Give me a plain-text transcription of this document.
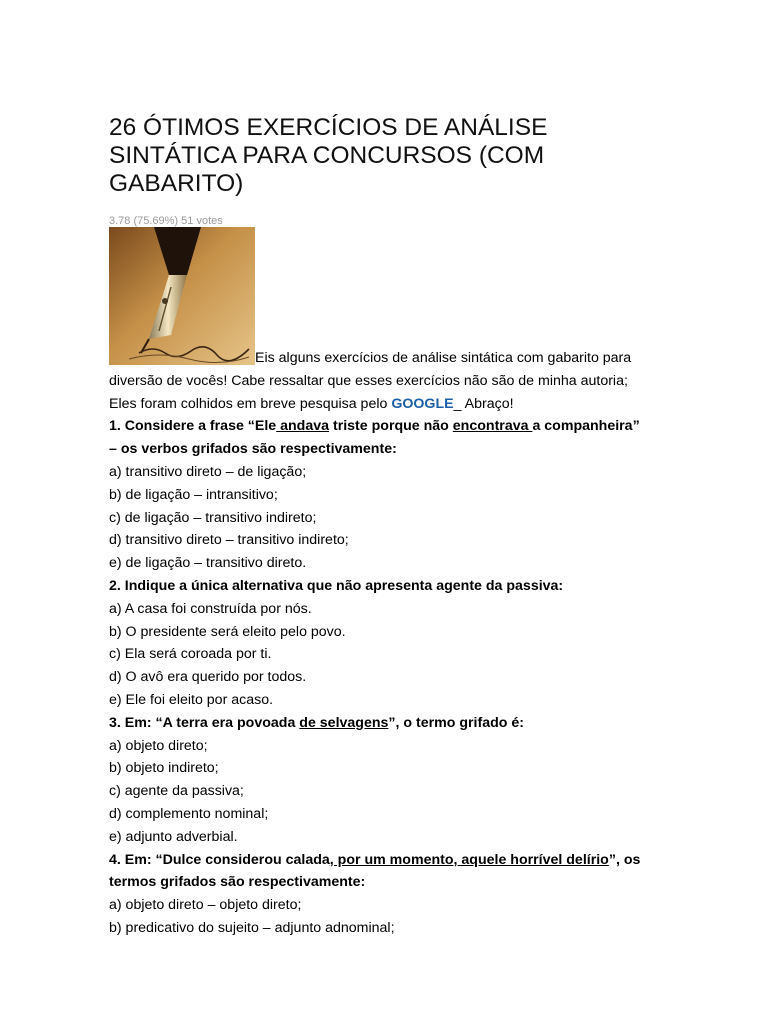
26 ÓTIMOS EXERCÍCIOS DE ANÁLISE SINTÁTICA PARA CONCURSOS (COM GABARITO)
3.78 (75.69%) 51 votes

Eis alguns exercícios de análise sintática com gabarito para

diversão de vocês! Cabe ressaltar que esses exercícios não são de minha autoria;

Eles foram colhidos em breve pesquisa pelo GOOGLE_ Abraço!

1. Considere a frase “Ele andava triste porque não encontrava a companheira”

– os verbos grifados são respectivamente:

a) transitivo direto – de ligação;

b) de ligação – intransitivo;

c) de ligação – transitivo indireto;

d) transitivo direto – transitivo indireto;

e) de ligação – transitivo direto.

2. Indique a única alternativa que não apresenta agente da passiva:

a) A casa foi construída por nós.

b) O presidente será eleito pelo povo.

c) Ela será coroada por ti.

d) O avô era querido por todos.

e) Ele foi eleito por acaso.

3. Em: “A terra era povoada de selvagens”, o termo grifado é:

a) objeto direto;

b) objeto indireto;

c) agente da passiva;

d) complemento nominal;

e) adjunto adverbial.

4. Em: “Dulce considerou calada, por um momento, aquele horrível delírio”, os

termos grifados são respectivamente:

a) objeto direto – objeto direto;

b) predicativo do sujeito – adjunto adnominal;
